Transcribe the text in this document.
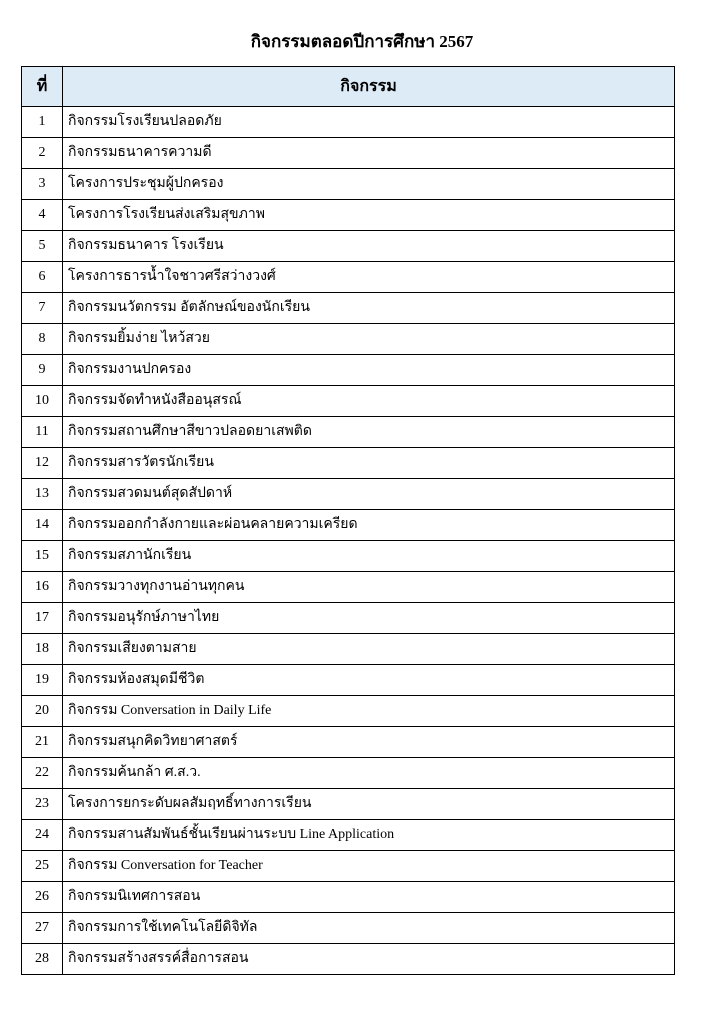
กิจกรรมตลอดปีการศึกษา 2567
ที่	กิจกรรม
1	กิจกรรมโรงเรียนปลอดภัย
2	กิจกรรมธนาคารความดี
3	โครงการประชุมผู้ปกครอง
4	โครงการโรงเรียนส่งเสริมสุขภาพ
5	กิจกรรมธนาคาร โรงเรียน
6	โครงการธารน้ำใจชาวศรีสว่างวงศ์
7	กิจกรรมนวัตกรรม อัตลักษณ์ของนักเรียน
8	กิจกรรมยิ้มง่าย ไหว้สวย
9	กิจกรรมงานปกครอง
10	กิจกรรมจัดทำหนังสืออนุสรณ์
11	กิจกรรมสถานศึกษาสีขาวปลอดยาเสพติด
12	กิจกรรมสารวัตรนักเรียน
13	กิจกรรมสวดมนต์สุดสัปดาห์
14	กิจกรรมออกกำลังกายและผ่อนคลายความเครียด
15	กิจกรรมสภานักเรียน
16	กิจกรรมวางทุกงานอ่านทุกคน
17	กิจกรรมอนุรักษ์ภาษาไทย
18	กิจกรรมเสียงตามสาย
19	กิจกรรมห้องสมุดมีชีวิต
20	กิจกรรม Conversation in Daily Life
21	กิจกรรมสนุกคิดวิทยาศาสตร์
22	กิจกรรมค้นกล้า ศ.ส.ว.
23	โครงการยกระดับผลสัมฤทธิ์ทางการเรียน
24	กิจกรรมสานสัมพันธ์ชั้นเรียนผ่านระบบ Line Application
25	กิจกรรม Conversation for Teacher
26	กิจกรรมนิเทศการสอน
27	กิจกรรมการใช้เทคโนโลยีดิจิทัล
28	กิจกรรมสร้างสรรค์สื่อการสอน
